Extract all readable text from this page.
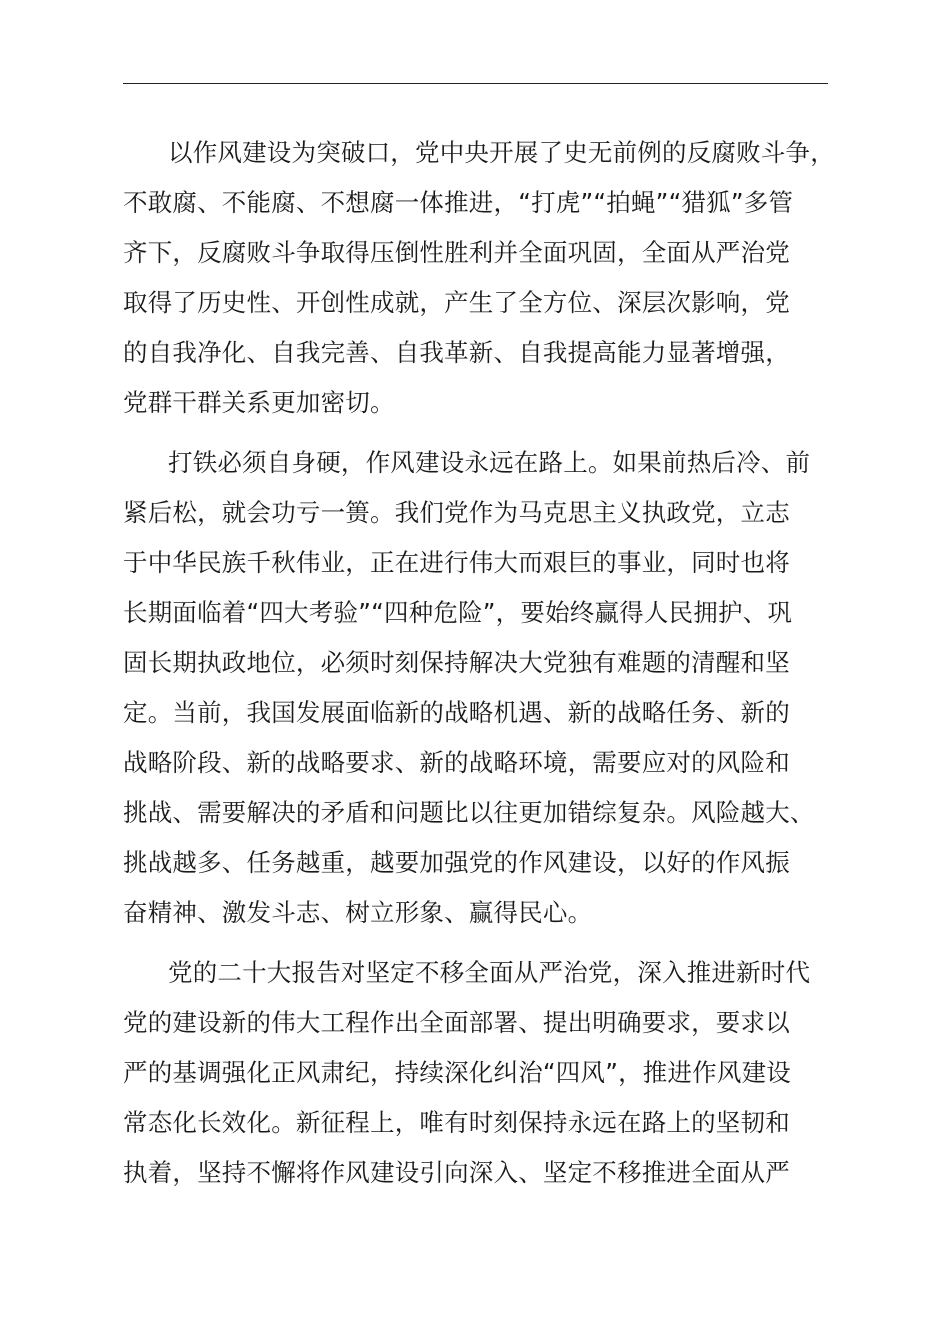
以作风建设为突破口，党中央开展了史无前例的反腐败斗争，
不敢腐、不能腐、不想腐一体推进，“打虎”“拍蝇”“猎狐”多管
齐下，反腐败斗争取得压倒性胜利并全面巩固，全面从严治党
取得了历史性、开创性成就，产生了全方位、深层次影响，党
的自我净化、自我完善、自我革新、自我提高能力显著增强，
党群干群关系更加密切。
打铁必须自身硬，作风建设永远在路上。如果前热后冷、前
紧后松，就会功亏一篑。我们党作为马克思主义执政党，立志
于中华民族千秋伟业，正在进行伟大而艰巨的事业，同时也将
长期面临着“四大考验”“四种危险”，要始终赢得人民拥护、巩
固长期执政地位，必须时刻保持解决大党独有难题的清醒和坚
定。当前，我国发展面临新的战略机遇、新的战略任务、新的
战略阶段、新的战略要求、新的战略环境，需要应对的风险和
挑战、需要解决的矛盾和问题比以往更加错综复杂。风险越大、
挑战越多、任务越重，越要加强党的作风建设，以好的作风振
奋精神、激发斗志、树立形象、赢得民心。
党的二十大报告对坚定不移全面从严治党，深入推进新时代
党的建设新的伟大工程作出全面部署、提出明确要求，要求以
严的基调强化正风肃纪，持续深化纠治“四风”，推进作风建设
常态化长效化。新征程上，唯有时刻保持永远在路上的坚韧和
执着，坚持不懈将作风建设引向深入、坚定不移推进全面从严
